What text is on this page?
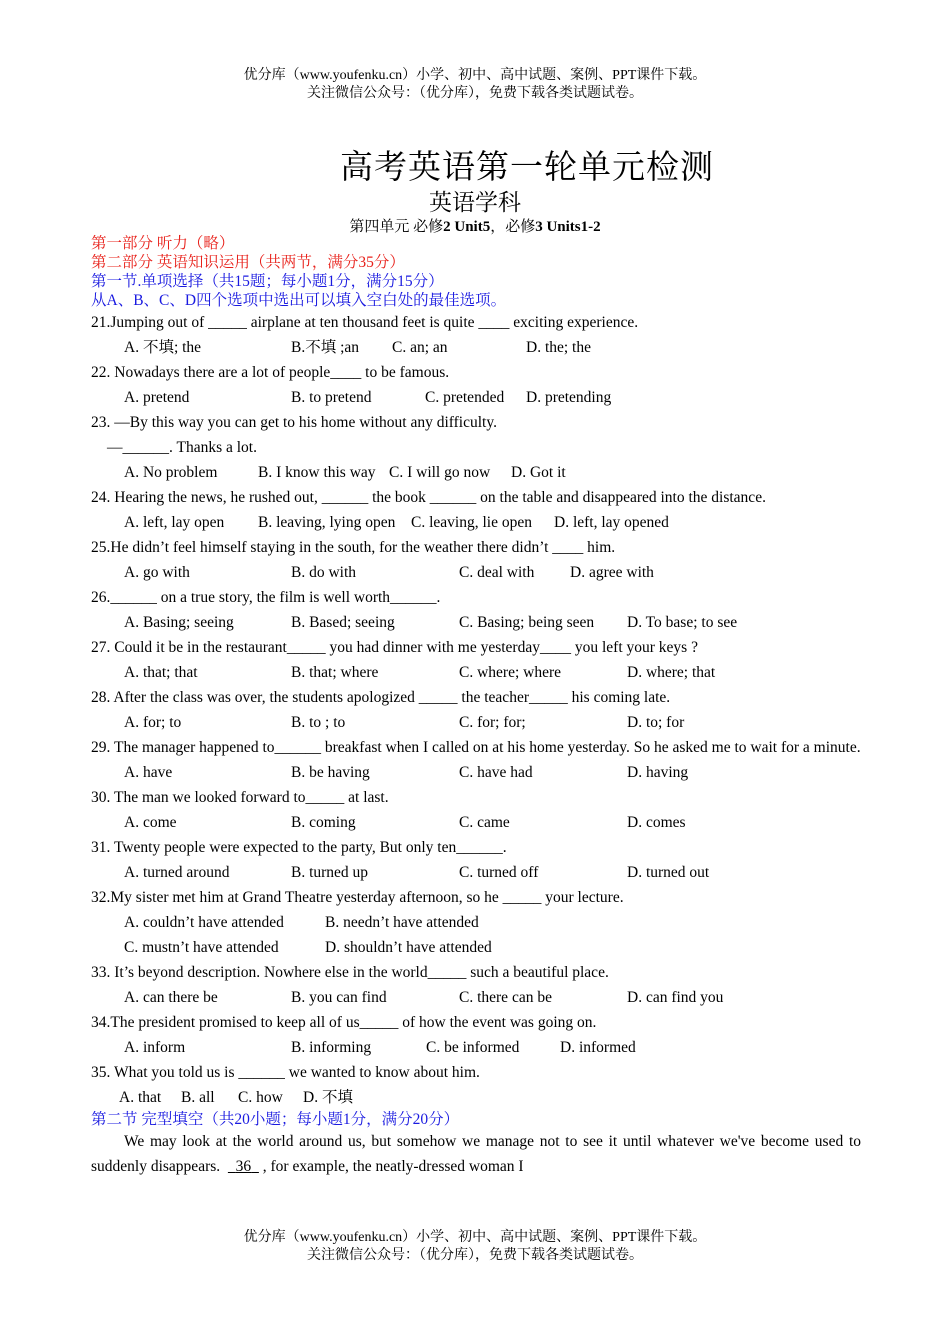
优分库（www.youfenku.cn）小学、初中、高中试题、案例、PPT课件下载。
关注微信公众号：（优分库），免费下载各类试题试卷。
高考英语第一轮单元检测
英语学科
第四单元 必修2 Unit5，必修3 Units1-2
第一部分 听力（略）
第二部分 英语知识运用（共两节，满分35分）
第一节.单项选择（共15题；每小题1分，满分15分）
从A、B、C、D四个选项中选出可以填入空白处的最佳选项。
21.Jumping out of _____ airplane at ten thousand feet is quite ____ exciting experience.
A. 不填; the	B.不填 ;an C. an; an	D. the; the
22. Nowadays there are a lot of people____ to be famous.
A. pretend	B. to pretend	C. pretended D. pretending
23. —By this way you can get to his home without any difficulty.
—______. Thanks a lot.
A. No problem	B. I know this way C. I will go now D. Got it
24. Hearing the news, he rushed out, ______ the book ______ on the table and disappeared into the distance.
A. left, lay open B. leaving, lying open C. leaving, lie open D. left, lay opened
25.He didn’t feel himself staying in the south, for the weather there didn’t ____ him.
A. go with	B. do with	C. deal with D. agree with
26.______ on a true story, the film is well worth______.
A. Basing; seeing	B. Based; seeing	C. Basing; being seen D. To base; to see
27. Could it be in the restaurant_____ you had dinner with me yesterday____ you left your keys ?
A. that; that	B. that; where	C. where; where	D. where; that
28. After the class was over, the students apologized _____ the teacher_____ his coming late.
A. for; to	B. to ; to	C. for; for;	D. to; for
29. The manager happened to______ breakfast when I called on at his home yesterday. So he asked me to wait for a minute.
A. have	B. be having	C. have had	D. having
30. The man we looked forward to_____ at last.
A. come	B. coming	C. came	D. comes
31. Twenty people were expected to the party, But only ten______.
A. turned around	B. turned up	C. turned off	D. turned out
32.My sister met him at Grand Theatre yesterday afternoon, so he _____ your lecture.
A. couldn’t have attended	B. needn’t have attended
C. mustn’t have attended	D. shouldn’t have attended
33. It’s beyond description. Nowhere else in the world_____ such a beautiful place.
A. can there be	B. you can find	C. there can be	D. can find you
34.The president promised to keep all of us_____ of how the event was going on.
A. inform	B. informing	C. be informed	D. informed
35. What you told us is ______ we wanted to know about him.
A. that B. all C. how D. 不填
第二节 完型填空（共20小题；每小题1分，满分20分）
We may look at the world around us, but somehow we manage not to see it until whatever we've become used to suddenly disappears. 36 , for example, the neatly-dressed woman I
优分库（www.youfenku.cn）小学、初中、高中试题、案例、PPT课件下载。
关注微信公众号：（优分库），免费下载各类试题试卷。
